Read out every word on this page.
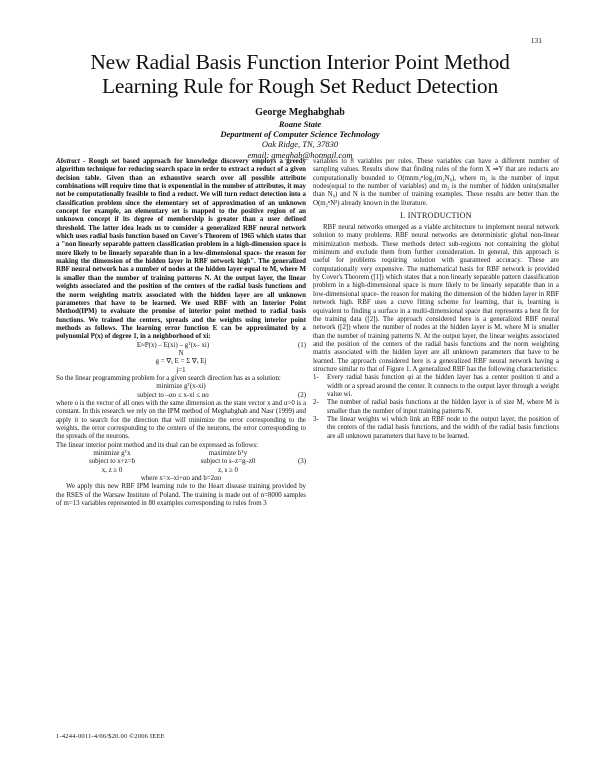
131
New Radial Basis Function Interior Point Method
Learning Rule for Rough Set Reduct Detection
George Meghabghab
Roane State
Department of Computer Science Technology
Oak Ridge, TN, 37830
email: gmeghab@hotmail.com

Abstract - Rough set based approach for knowledge discovery employs a greedy algorithm technique for reducing search space in order to extract a reduct of a given decision table. Given than an exhaustive search over all possible attribute combinations will require time that is exponential in the number of attributes, it may not be computationally feasible to find a reduct. We will turn reduct detection into a classification problem since the elementary set of approximation of an unknown concept for example, an elementary set is mapped to the positive region of an unknown concept if its degree of membership is greater than a user defined threshold. The latter idea leads us to consider a generalized RBF neural network which uses radial basis function based on Cover's Theorem of 1965 which states that a "non linearly separable pattern classification problem in a high-dimension space is more likely to be linearly separable than in a low-dimensional space- the reason for making the dimension of the hidden layer in RBF network high". The generalized RBF neural network has a number of nodes at the hidden layer equal to M, where M is smaller than the number of training patterns N. At the output layer, the linear weights associated and the position of the centers of the radial basis functions and the norm weighting matrix associated with the hidden layer are all unknown parameters that have to be learned. We used RBF with an Interior Point Method(IPM) to evaluate the promise of interior point method to radial basis functions. We trained the centers, spreads and the weights using interior point methods as follows. The learning error function E can be approximated by a polynomial P(x) of degree 1, in a neighborhood of xi:

E≈P(x) – E(xi) – gᵀ(x– xi)	(1)
N
g = ∇ₓ E = Σ ∇ₓ Ej
j=1

So the linear programming problem for a given search direction has as a solution:

minimize gᵀ(x-xi)
subject to –αo ≤ x-xi ≤ αo	(2)

where o is the vector of all ones with the same dimension as the state vector x and α>0 is a constant. In this research we rely on the IPM method of Meghabghab and Nasr (1999) and apply it to search for the direction that will minimize the error corresponding to the weights, the error corresponding to the centers of the neurons, the error corresponding to the spreads of the neurons.

The linear interior point method and its dual can be expressed as follows:

minimize gᵀx	maximize bᵀy
subject to x+z=b	subject to s–z=g–z0	(3)
x, z ≥ 0	z, s ≥ 0
where x=x–xi+αo and b=2αo

We apply this new RBF IPM learning rule to the Heart disease training provided by the RSES of the Warsaw Institute of Poland. The training is made out of n=8000 samples of m=13 variables represented in 80 examples corresponding to rules from 3

variables to 8 variables per rules. These variables can have a different number of sampling values. Results show that finding rules of the form X ⇒Y that are reducts are computationally bounded to O(mnm₂ⁿlog₂(m₂N₀), where m₂ is the number of input nodes(equal to the number of variables) and m₂ is the number of hidden units(smaller than N₀) and N is the number of training examples. These results are better than the O(m₂ⁿN²) already known in the literature.

I. INTRODUCTION

RBF neural networks emerged as a viable architecture to implement neural network solution to many problems. RBF neural networks are deterministic global non-linear minimization methods. These methods detect sub-regions not containing the global minimum and exclude them from further consideration. In general, this approach is useful for problems requiring solution with guaranteed accuracy. These are computationally very expensive. The mathematical basis for RBF network is provided by Cover's Theorem ([1]) which states that a non linearly separable pattern classification problem in a high-dimensional space is more likely to be linearly separable than in a low-dimensional space- the reason for making the dimension of the hidden layer in RBF network high. RBF uses a curve fitting scheme for learning, that is, learning is equivalent to finding a surface in a multi-dimensional space that represents a best fit for the training data ([2]). The approach considered here is a generalized RBF neural network ([2]) where the number of nodes at the hidden layer is M, where M is smaller than the number of training patterns N. At the output layer, the linear weights associated and the position of the centers of the radial basis functions and the norm weighting matrix associated with the hidden layer are all unknown parameters that have to be learned. The approach considered here is a generalized RBF neural network having a structure similar to that of Figure 1. A generalized RBF has the following characteristics:

1-	Every radial basis function φi at the hidden layer has a center position ti and a width or a spread around the center. It connects to the output layer through a weight value wi.
2-	The number of radial basis functions at the hidden layer is of size M, where M is smaller than the number of input training patterns N.
3-	The linear weights wi which link an RBF node to the output layer, the position of the centers of the radial basis functions, and the width of the radial basis functions are all unknown parameters that have to be learned.
1-4244-0011-4/06/$20.00 ©2006 IEEE
